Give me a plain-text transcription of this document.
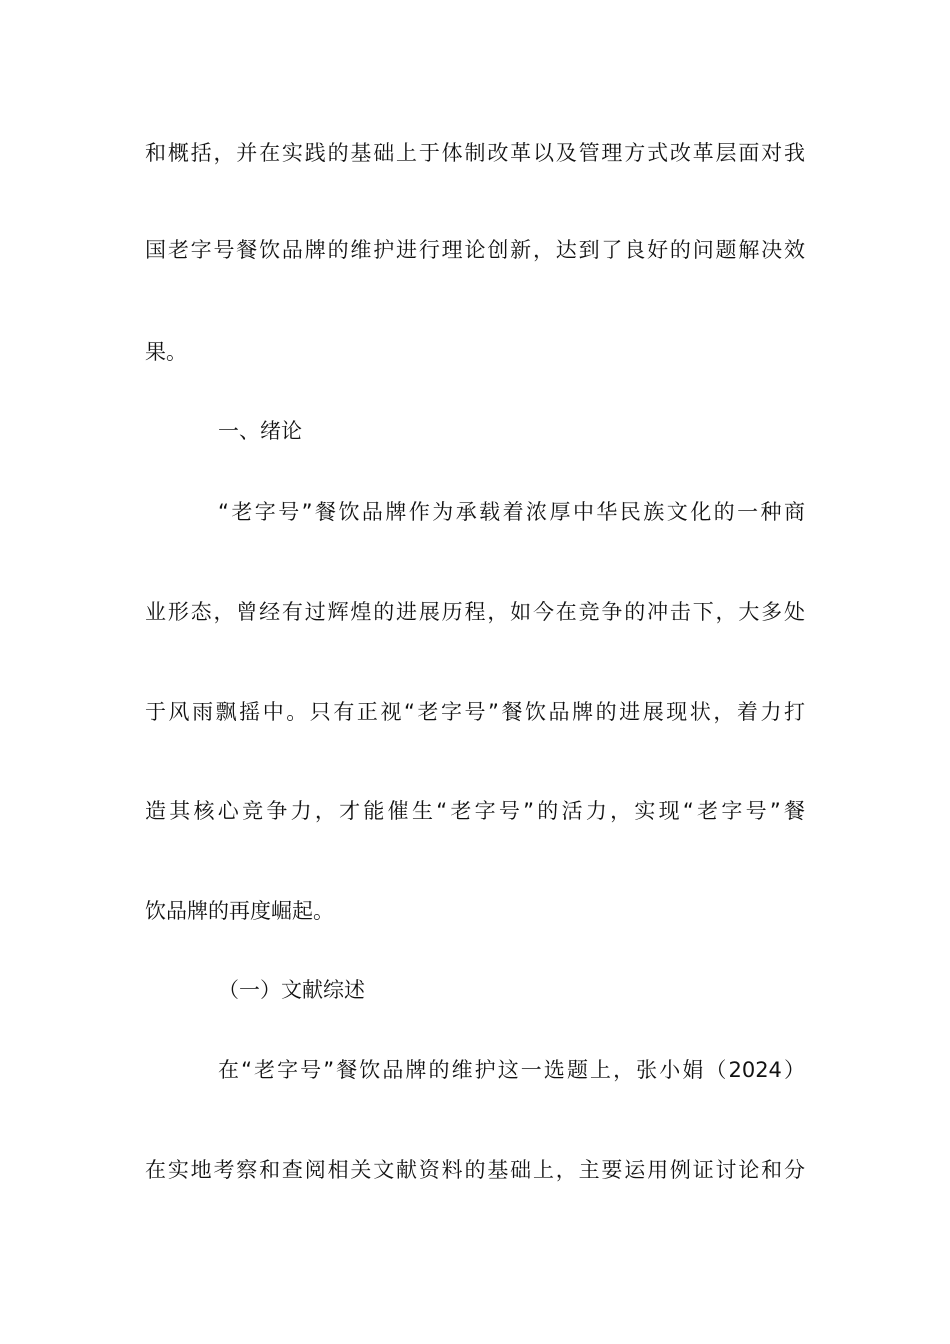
和概括，并在实践的基础上于体制改革以及管理方式改革层面对我
国老字号餐饮品牌的维护进行理论创新，达到了良好的问题解决效
果。
一、绪论
“老字号”餐饮品牌作为承载着浓厚中华民族文化的一种商
业形态，曾经有过辉煌的进展历程，如今在竞争的冲击下，大多处
于风雨飘摇中。只有正视“老字号”餐饮品牌的进展现状，着力打
造其核心竞争力，才能催生“老字号”的活力，实现“老字号”餐
饮品牌的再度崛起。
（一）文献综述
在“老字号”餐饮品牌的维护这一选题上，张小娟（2024）
在实地考察和查阅相关文献资料的基础上，主要运用例证讨论和分
